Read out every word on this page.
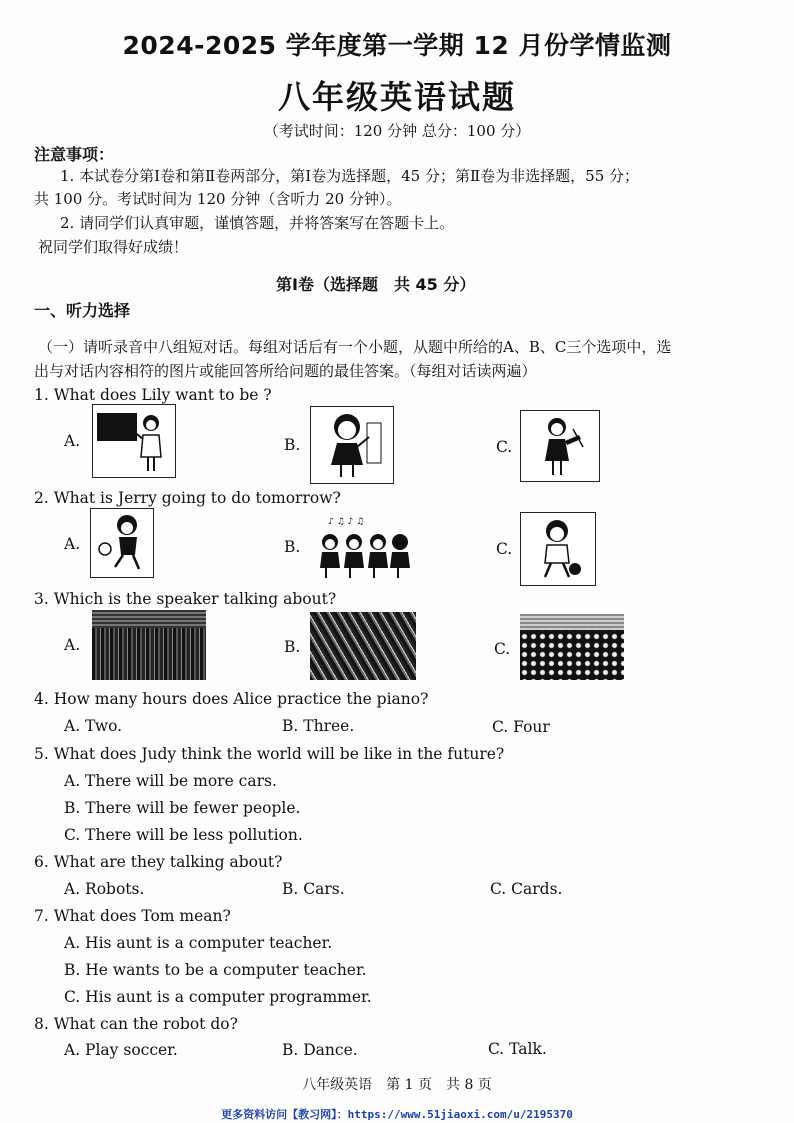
2024-2025 学年度第一学期 12 月份学情监测
八年级英语试题
（考试时间：120 分钟 总分：100 分）
注意事项：
1. 本试卷分第Ⅰ卷和第Ⅱ卷两部分，第Ⅰ卷为选择题，45 分；第Ⅱ卷为非选择题，55 分；
共 100 分。考试时间为 120 分钟（含听力 20 分钟）。
2. 请同学们认真审题，谨慎答题，并将答案写在答题卡上。
祝同学们取得好成绩！
第Ⅰ卷（选择题　共 45 分）
一、听力选择
（一）请听录音中八组短对话。每组对话后有一个小题，从题中所给的A、B、C三个选项中，选
出与对话内容相符的图片或能回答所给问题的最佳答案。（每组对话读两遍）
1. What does Lily want to be ?
A.	B.	C.
2. What is Jerry going to do tomorrow?
A.	B.
♪ ♫ ♪ ♫
C.
3. Which is the speaker talking about?
A.	B.	C.
4. How many hours does Alice practice the piano?
A. Two.	B. Three.	C. Four
5. What does Judy think the world will be like in the future?
A. There will be more cars.
B. There will be fewer people.
C. There will be less pollution.
6. What are they talking about?
A. Robots.	B. Cars.	C. Cards.
7. What does Tom mean?
A. His aunt is a computer teacher.
B. He wants to be a computer teacher.
C. His aunt is a computer programmer.
8. What can the robot do?
A. Play soccer.	B. Dance.	C. Talk.
八年级英语　第 1 页　共 8 页
更多资料访问【教习网】：https://www.51jiaoxi.com/u/2195370
